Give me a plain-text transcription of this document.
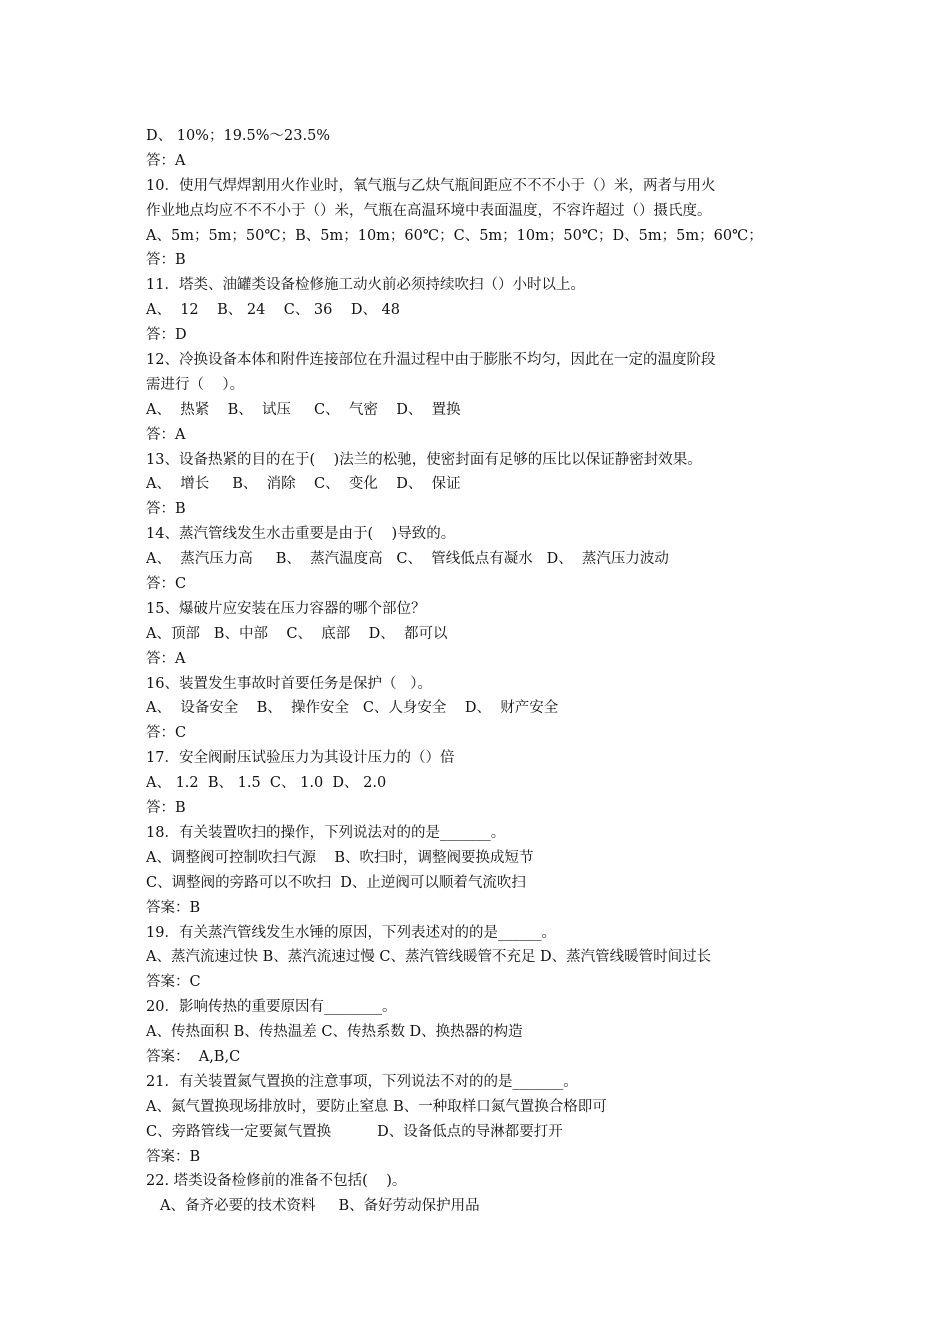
D、 10%；19.5%～23.5%
答：A
10．使用气焊焊割用火作业时，氧气瓶与乙炔气瓶间距应不不不小于（）米，两者与用火
作业地点均应不不不小于（）米，气瓶在高温环境中表面温度，不容许超过（）摄氏度。
A、5m；5m；50℃；B、5m；10m；60℃；C、5m；10m；50℃；D、5m；5m；60℃；
答：B
11．塔类、油罐类设备检修施工动火前必须持续吹扫（）小时以上。
A、  12    B、 24    C、 36    D、 48
答：D
12、冷换设备本体和附件连接部位在升温过程中由于膨胀不均匀，因此在一定的温度阶段
需进行（    ）。
A、  热紧    B、  试压     C、  气密    D、  置换
答：A
13、设备热紧的目的在于(    )法兰的松驰，使密封面有足够的压比以保证静密封效果。
A、  增长     B、  消除    C、  变化    D、  保证
答：B
14、蒸汽管线发生水击重要是由于(    )导致的。
A、  蒸汽压力高     B、  蒸汽温度高   C、  管线低点有凝水   D、  蒸汽压力波动
答：C
15、爆破片应安装在压力容器的哪个部位？
A、顶部   B、中部    C、  底部    D、  都可以
答：A
16、装置发生事故时首要任务是保护（   ）。
A、  设备安全    B、  操作安全   C、人身安全    D、  财产安全
答：C
17．安全阀耐压试验压力为其设计压力的（）倍
A、 1.2  B、 1.5  C、 1.0  D、 2.0
答：B
18．有关装置吹扫的操作，下列说法对的的是_______。
A、调整阀可控制吹扫气源    B、吹扫时，调整阀要换成短节
C、调整阀的旁路可以不吹扫  D、止逆阀可以顺着气流吹扫
答案：B
19．有关蒸汽管线发生水锤的原因，下列表述对的的是______。
A、蒸汽流速过快 B、蒸汽流速过慢 C、蒸汽管线暖管不充足 D、蒸汽管线暖管时间过长
答案：C
20．影响传热的重要原因有________。
A、传热面积 B、传热温差 C、传热系数 D、换热器的构造
答案：  A,B,C
21．有关装置氮气置换的注意事项，下列说法不对的的是_______。
A、氮气置换现场排放时，要防止窒息 B、一种取样口氮气置换合格即可
C、旁路管线一定要氮气置换          D、设备低点的导淋都要打开
答案：B
22. 塔类设备检修前的准备不包括(    )。
A、备齐必要的技术资料     B、备好劳动保护用品
